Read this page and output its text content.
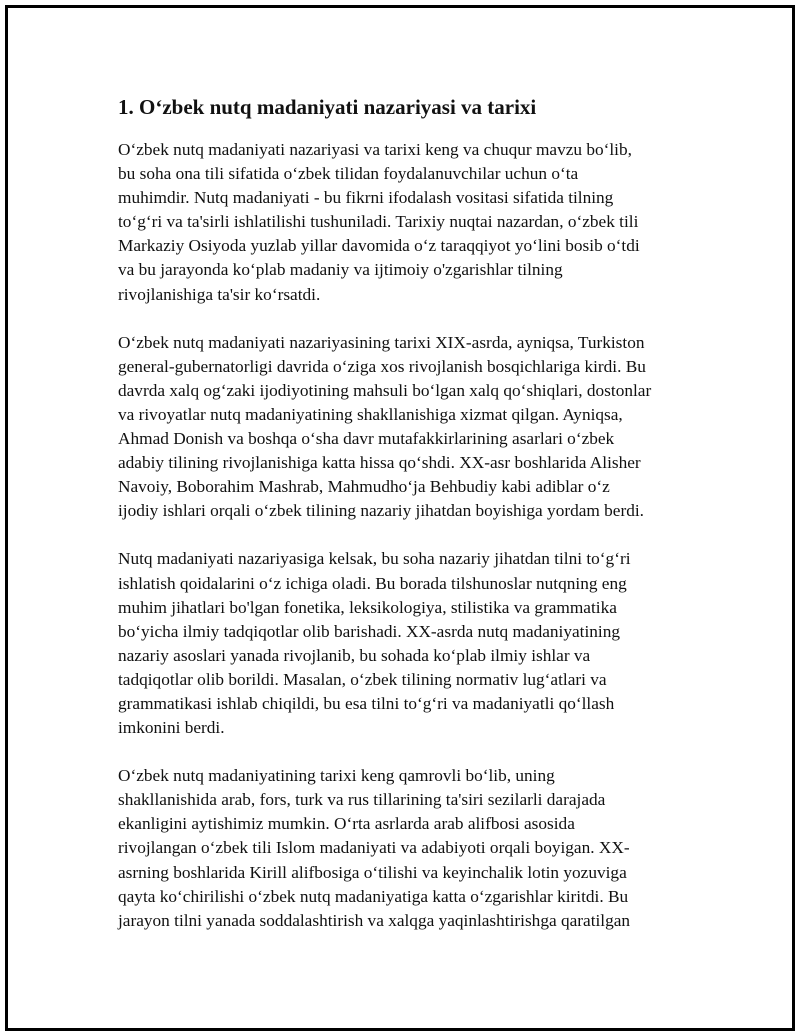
1. O‘zbek nutq madaniyati nazariyasi va tarixi

O‘zbek nutq madaniyati nazariyasi va tarixi keng va chuqur mavzu bo‘lib,
bu soha ona tili sifatida o‘zbek tilidan foydalanuvchilar uchun o‘ta
muhimdir. Nutq madaniyati - bu fikrni ifodalash vositasi sifatida tilning
to‘g‘ri va ta'sirli ishlatilishi tushuniladi. Tarixiy nuqtai nazardan, o‘zbek tili
Markaziy Osiyoda yuzlab yillar davomida o‘z taraqqiyot yo‘lini bosib o‘tdi
va bu jarayonda ko‘plab madaniy va ijtimoiy o'zgarishlar tilning
rivojlanishiga ta'sir ko‘rsatdi.

O‘zbek nutq madaniyati nazariyasining tarixi XIX-asrda, ayniqsa, Turkiston
general-gubernatorligi davrida o‘ziga xos rivojlanish bosqichlariga kirdi. Bu
davrda xalq og‘zaki ijodiyotining mahsuli bo‘lgan xalq qo‘shiqlari, dostonlar
va rivoyatlar nutq madaniyatining shakllanishiga xizmat qilgan. Ayniqsa,
Ahmad Donish va boshqa o‘sha davr mutafakkirlarining asarlari o‘zbek
adabiy tilining rivojlanishiga katta hissa qo‘shdi. XX-asr boshlarida Alisher
Navoiy, Boborahim Mashrab, Mahmudho‘ja Behbudiy kabi adiblar o‘z
ijodiy ishlari orqali o‘zbek tilining nazariy jihatdan boyishiga yordam berdi.

Nutq madaniyati nazariyasiga kelsak, bu soha nazariy jihatdan tilni to‘g‘ri
ishlatish qoidalarini o‘z ichiga oladi. Bu borada tilshunoslar nutqning eng
muhim jihatlari bo'lgan fonetika, leksikologiya, stilistika va grammatika
bo‘yicha ilmiy tadqiqotlar olib barishadi. XX-asrda nutq madaniyatining
nazariy asoslari yanada rivojlanib, bu sohada ko‘plab ilmiy ishlar va
tadqiqotlar olib borildi. Masalan, o‘zbek tilining normativ lug‘atlari va
grammatikasi ishlab chiqildi, bu esa tilni to‘g‘ri va madaniyatli qo‘llash
imkonini berdi.

O‘zbek nutq madaniyatining tarixi keng qamrovli bo‘lib, uning
shakllanishida arab, fors, turk va rus tillarining ta'siri sezilarli darajada
ekanligini aytishimiz mumkin. O‘rta asrlarda arab alifbosi asosida
rivojlangan o‘zbek tili Islom madaniyati va adabiyoti orqali boyigan. XX-
asrning boshlarida Kirill alifbosiga o‘tilishi va keyinchalik lotin yozuviga
qayta ko‘chirilishi o‘zbek nutq madaniyatiga katta o‘zgarishlar kiritdi. Bu
jarayon tilni yanada soddalashtirish va xalqga yaqinlashtirishga qaratilgan
